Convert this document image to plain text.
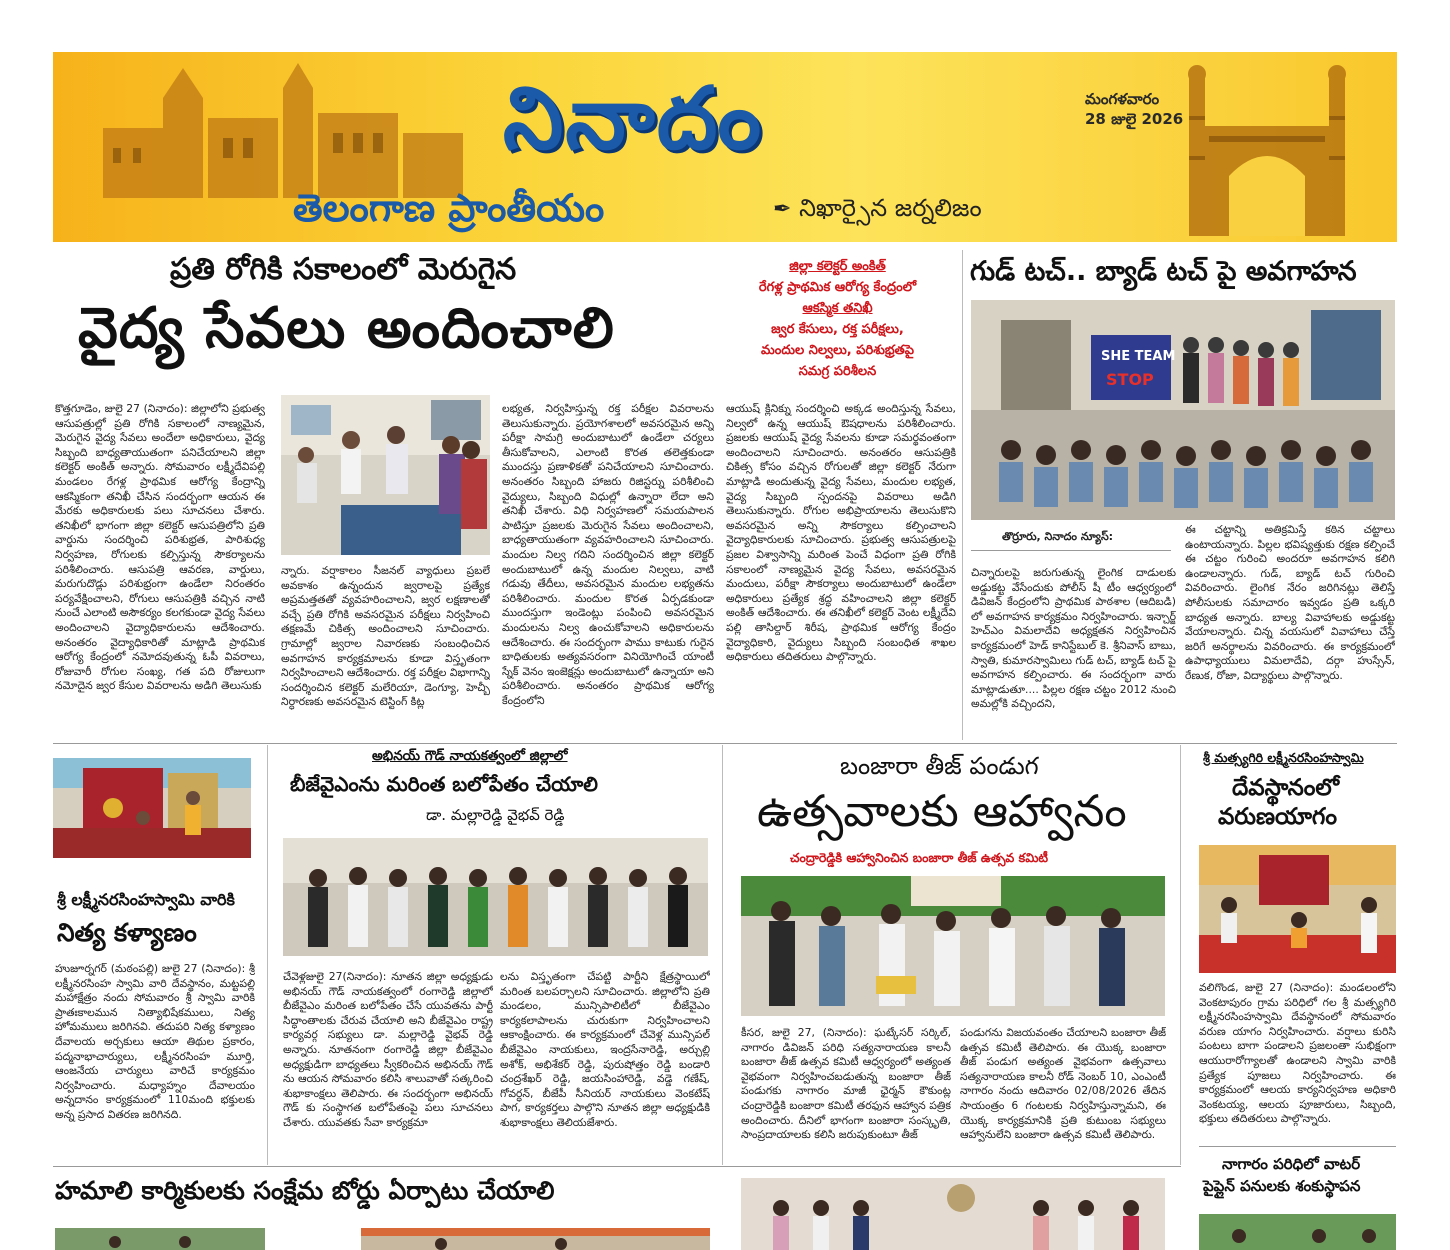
నినాదం	మంగళవారం
28 జులై 2026
తెలంగాణ ప్రాంతీయం	✒ నిఖార్సైన జర్నలిజం
ప్రతి రోగికి సకాలంలో మెరుగైన
వైద్య సేవలు అందించాలి
జిల్లా కలెక్టర్ అంకిత్
రేగళ్ల ప్రాథమిక ఆరోగ్య కేంద్రంలో
ఆకస్మిక తనిఖీ
జ్వర కేసులు, రక్త పరీక్షలు,
మందుల నిల్వలు, పరిశుభ్రతపై
సమగ్ర పరిశీలన
కొత్తగూడెం, జులై 27 (నినాదం): జిల్లాలోని ప్రభుత్వ ఆసుపత్రుల్లో ప్రతి రోగికి సకాలంలో నాణ్యమైన, మెరుగైన వైద్య సేవలు అందేలా అధికారులు, వైద్య సిబ్బంది బాధ్యతాయుతంగా పనిచేయాలని జిల్లా కలెక్టర్ అంకిత్ అన్నారు. సోమవారం లక్ష్మీదేవిపల్లి మండలం రేగళ్ల ప్రాథమిక ఆరోగ్య కేంద్రాన్ని ఆకస్మికంగా తనిఖీ చేసిన సందర్భంగా ఆయన ఈ మేరకు అధికారులకు పలు సూచనలు చేశారు. తనిఖీలో భాగంగా జిల్లా కలెక్టర్ ఆసుపత్రిలోని ప్రతి వార్డును సందర్శించి పరిశుభ్రత, పారిశుధ్య నిర్వహణ, రోగులకు కల్పిస్తున్న సౌకర్యాలను పరిశీలించారు. ఆసుపత్రి ఆవరణ, వార్డులు, మరుగుదొడ్లు పరిశుభ్రంగా ఉండేలా నిరంతరం పర్యవేక్షించాలని, రోగులు ఆసుపత్రికి వచ్చిన నాటి నుంచే ఎలాంటి అసౌకర్యం కలగకుండా వైద్య సేవలు అందించాలని వైద్యాధికారులను ఆదేశించారు. అనంతరం వైద్యాధికారితో మాట్లాడి ప్రాథమిక ఆరోగ్య కేంద్రంలో నమోదవుతున్న ఓపీ వివరాలు, రోజువారీ రోగుల సంఖ్య, గత పది రోజులుగా నమోదైన జ్వర కేసుల వివరాలను అడిగి తెలుసుకు
న్నారు. వర్షాకాలం సీజనల్ వ్యాధులు ప్రబలే అవకాశం ఉన్నందున జ్వరాలపై ప్రత్యేక అప్రమత్తతతో వ్యవహరించాలని, జ్వర లక్షణాలతో వచ్చే ప్రతి రోగికి అవసరమైన పరీక్షలు నిర్వహించి తక్షణమే చికిత్స అందించాలని సూచించారు. గ్రామాల్లో జ్వరాల నివారణకు సంబంధించిన అవగాహన కార్యక్రమాలను కూడా విస్తృతంగా నిర్వహించాలని ఆదేశించారు. రక్త పరీక్షల విభాగాన్ని సందర్శించిన కలెక్టర్ మలేరియా, డెంగ్యూ, హెచ్బీ నిర్ధారణకు అవసరమైన టెస్టింగ్ కిట్ల
లభ్యత, నిర్వహిస్తున్న రక్త పరీక్షల వివరాలను తెలుసుకున్నారు. ప్రయోగశాలలో అవసరమైన అన్ని పరీక్షా సామగ్రి అందుబాటులో ఉండేలా చర్యలు తీసుకోవాలని, ఎలాంటి కొరత తలెత్తకుండా ముందస్తు ప్రణాళికతో పనిచేయాలని సూచించారు. అనంతరం సిబ్బంది హాజరు రిజిస్టర్ను పరిశీలించి వైద్యులు, సిబ్బంది విధుల్లో ఉన్నారా లేదా అని తనిఖీ చేశారు. విధి నిర్వహణలో సమయపాలన పాటిస్తూ ప్రజలకు మెరుగైన సేవలు అందించాలని, బాధ్యతాయుతంగా వ్యవహరించాలని సూచించారు. మందుల నిల్వ గదిని సందర్శించిన జిల్లా కలెక్టర్ అందుబాటులో ఉన్న మందుల నిల్వలు, వాటి గడువు తేదీలు, అవసరమైన మందుల లభ్యతను పరిశీలించారు. మందుల కొరత ఏర్పడకుండా ముందస్తుగా ఇండెంట్లు పంపించి అవసరమైన మందులను నిల్వ ఉంచుకోవాలని అధికారులను ఆదేశించారు. ఈ సందర్భంగా పాము కాటుకు గురైన బాధితులకు అత్యవసరంగా వినియోగించే యాంటీ స్నేక్ వెనం ఇంజెక్షన్లు అందుబాటులో ఉన్నాయా అని పరిశీలించారు. అనంతరం ప్రాథమిక ఆరోగ్య కేంద్రంలోని
ఆయుష్ క్లినిక్ను సందర్శించి అక్కడ అందిస్తున్న సేవలు, నిల్వలో ఉన్న ఆయుష్ ఔషధాలను పరిశీలించారు. ప్రజలకు ఆయుష్ వైద్య సేవలను కూడా సమర్థవంతంగా అందించాలని సూచించారు. అనంతరం ఆసుపత్రికి చికిత్స కోసం వచ్చిన రోగులతో జిల్లా కలెక్టర్ నేరుగా మాట్లాడి అందుతున్న వైద్య సేవలు, మందుల లభ్యత, వైద్య సిబ్బంది స్పందనపై వివరాలు అడిగి తెలుసుకున్నారు. రోగుల అభిప్రాయాలను తెలుసుకొని అవసరమైన అన్ని సౌకర్యాలు కల్పించాలని వైద్యాధికారులకు సూచించారు. ప్రభుత్వ ఆసుపత్రులపై ప్రజల విశ్వాసాన్ని మరింత పెంచే విధంగా ప్రతి రోగికి సకాలంలో నాణ్యమైన వైద్య సేవలు, అవసరమైన మందులు, పరీక్షా సౌకర్యాలు అందుబాటులో ఉండేలా అధికారులు ప్రత్యేక శ్రద్ధ వహించాలని జిల్లా కలెక్టర్ అంకిత్ ఆదేశించారు. ఈ తనిఖీలో కలెక్టర్ వెంట లక్ష్మీదేవి పల్లి తాసిల్దార్ శిరీష, ప్రాథమిక ఆరోగ్య కేంద్రం వైద్యాధికారి, వైద్యులు సిబ్బంది సంబంధిత శాఖల అధికారులు తదితరులు పాల్గొన్నారు.
గుడ్ టచ్.. బ్యాడ్ టచ్ పై అవగాహన
SHE TEAM
STOP
తొర్రూరు, నినాదం న్యూస్:
చిన్నారులపై జరుగుతున్న లైంగిక దాడులకు అడ్డుకట్ట వేసేందుకు పోలీస్ షీ టీం ఆధ్వర్యంలో డివిజన్ కేంద్రంలోని ప్రాథమిక పాఠశాల (ఆదిబడి) లో అవగాహన కార్యక్రమం నిర్వహించారు. ఇన్చార్జ్ హెచ్ఎం విమలాదేవి అధ్యక్షతన నిర్వహించిన కార్యక్రమంలో హెడ్ కానిస్టేబుల్ కె. శ్రీనివాస్ బాబు, స్వాతి, కుమారస్వామిలు గుడ్ టచ్, బ్యాడ్ టచ్ పై అవగాహన కల్పించారు. ఈ సందర్భంగా వారు మాట్లాడుతూ.... పిల్లల రక్షణ చట్టం 2012 నుంచి అమల్లోకి వచ్చిందని,
ఈ చట్టాన్ని అతిక్రమిస్తే కఠిన చట్టాలు ఉంటాయన్నారు. పిల్లల భవిష్యత్తుకు రక్షణ కల్పించే ఈ చట్టం గురించి అందరూ అవగాహన కలిగి ఉండాలన్నారు. గుడ్, బ్యాడ్ టచ్ గురించి వివరించారు. లైంగిక నేరం జరిగినట్లు తెలిస్తే పోలీసులకు సమాచారం ఇవ్వడం ప్రతి ఒక్కరి బాధ్యత అన్నారు. బాల్య వివాహాలకు అడ్డుకట్ట వేయాలన్నారు. చిన్న వయసులో వివాహాలు చేస్తే జరిగే అనర్థాలను వివరించారు. ఈ కార్యక్రమంలో ఉపాధ్యాయులు విమలాదేవి, దర్గా హుస్సేన్, రేణుక, రోజా, విద్యార్థులు పాల్గొన్నారు.
శ్రీ లక్ష్మీనరసింహస్వామి వారికి
నిత్య కళ్యాణం
హుజూర్నగర్ (మఠంపల్లి) జులై 27 (నినాదం): శ్రీ లక్ష్మీనరసింహ స్వామి వారి దేవస్థానం, మట్టపల్లి మహాక్షేత్రం నందు సోమవారం శ్రీ స్వామి వారికి ప్రాతఃకాలమున నిత్యాభిషేకములు, నిత్య హోమములు జరిగినవి. తదుపరి నిత్య కళ్యాణం దేవాలయ అర్చకులు ఆయా తిథుల ప్రకారం, పద్మనాభాచార్యులు, లక్ష్మీనరసింహ మూర్తి, ఆంజనేయ చార్యులు వారిచే కార్యక్రమం నిర్వహించారు. మధ్యాహ్నం దేవాలయం అన్నదానం కార్యక్రమంలో 110మంది భక్తులకు అన్న ప్రసాద వితరణ జరిగినది.
అభినయ్ గౌడ్ నాయకత్వంలో జిల్లాలో
బీజేవైఎంను మరింత బలోపేతం చేయాలి
డా. మల్లారెడ్డి వైభవ్ రెడ్డి
చేవెళ్లజులై 27(నినాదం): నూతన జిల్లా అధ్యక్షుడు అభినయ్ గౌడ్ నాయకత్వంలో రంగారెడ్డి జిల్లాలో బీజేవైఎం మరింత బలోపేతం చేసే యువతను పార్టీ సిద్ధాంతాలకు చేరువ చేయాలి అని బీజేవైఎం రాష్ట్ర కార్యవర్గ సభ్యులు డా. మల్లారెడ్డి వైభవ్ రెడ్డి అన్నారు. నూతనంగా రంగారెడ్డి జిల్లా బీజేవైఎం అధ్యక్షుడిగా బాధ్యతలు స్వీకరించిన అభినయ్ గౌడ్ ను ఆయన సోమవారం కలిసి శాలువాతో సత్కరించి శుభాకాంక్షలు తెలిపారు. ఈ సందర్భంగా అభినయ్ గౌడ్ కు సంస్థాగత బలోపేతంపై పలు సూచనలు చేశారు. యువతకు సేవా కార్యక్రమా
లను విస్తృతంగా చేపట్టి పార్టీని క్షేత్రస్థాయిలో మరింత బలపర్చాలని సూచించారు. జిల్లాలోని ప్రతి మండలం, మున్సిపాలిటీలో బీజేవైఎం కార్యకలాపాలను చురుకుగా నిర్వహించాలని ఆకాంక్షించారు. ఈ కార్యక్రమంలో చేవెళ్ల మున్సిపల్ బీజేవైఎం నాయకులు, ఇంద్రసేనారెడ్డి, అర్చుల్లి అశోక్, అభిశేకర్ రెడ్డి, పురుషోత్తం రెడ్డి బండారి చంద్రశేఖర్ రెడ్డి, జయసింహారెడ్డి, వడ్డె గణేష్, గోవర్ధన్, బీజేపీ సీనియర్ నాయకులు వెంకటేష్ పాగ, కార్యకర్తలు పాల్గొని నూతన జిల్లా అధ్యక్షుడికి శుభాకాంక్షలు తెలియజేశారు.
బంజారా తీజ్ పండుగ
ఉత్సవాలకు ఆహ్వానం
చంద్రారెడ్డికి ఆహ్వానించిన బంజారా తీజ్ ఉత్సవ కమిటీ
కీసర, జులై 27, (నినాదం): ఘట్కేసర్ సర్కిల్, నాగారం డివిజన్ పరిధి సత్యనారాయణ కాలనీ బంజారా తీజ్ ఉత్సవ కమిటీ ఆధ్వర్యంలో అత్యంత వైభవంగా నిర్వహించబడుతున్న బంజారా తీజ్ పండుగకు నాగారం మాజీ ఛైర్మన్ కౌకుంట్ల చంద్రారెడ్డికి బంజారా కమిటీ తరఫున ఆహ్వాన పత్రిక అందించారు. దీనిలో భాగంగా బంజారా సంస్కృతి, సాంప్రదాయాలకు కలిసి జరుపుకుంటూ తీజ్
పండుగను విజయవంతం చేయాలని బంజారా తీజ్ ఉత్సవ కమిటీ తెలిపారు. ఈ యొక్క బంజారా తీజ్ పండుగ అత్యంత వైభవంగా ఉత్సవాలు సత్యనారాయణ కాలనీ రోడ్ నెంబర్ 10, ఎంఎంటీ నాగారం నందు ఆదివారం 02/08/2026 తేదిన సాయంత్రం 6 గంటలకు నిర్వహిస్తున్నామని, ఈ యొక్క కార్యక్రమానికి ప్రతి కుటుంబ సభ్యులు ఆహ్వానులేని బంజారా ఉత్సవ కమిటీ తెలిపారు.
శ్రీ మత్స్యగిరి లక్ష్మీనరసింహస్వామి
దేవస్థానంలో
వరుణయాగం
వలిగొండ, జులై 27 (నినాదం): మండలంలోని వెంకటాపురం గ్రామ పరిధిలో గల శ్రీ మత్స్యగిరి లక్ష్మీనరసింహస్వామి దేవస్థానంలో సోమవారం వరుణ యాగం నిర్వహించారు. వర్షాలు కురిసి పంటలు బాగా పండాలని ప్రజలంతా సుభిక్షంగా ఆయురారోగ్యాలతో ఉండాలని స్వామి వారికి ప్రత్యేక పూజలు నిర్వహించారు. ఈ కార్యక్రమంలో ఆలయ కార్యనిర్వహణ అధికారి వెంకటయ్య, ఆలయ పూజారులు, సిబ్బంది, భక్తులు తదితరులు పాల్గొన్నారు.
నాగారం పరిధిలో వాటర్
పైప్లైన్ పనులకు శంకుస్థాపన
హమాలి కార్మికులకు సంక్షేమ బోర్డు ఏర్పాటు చేయాలి
